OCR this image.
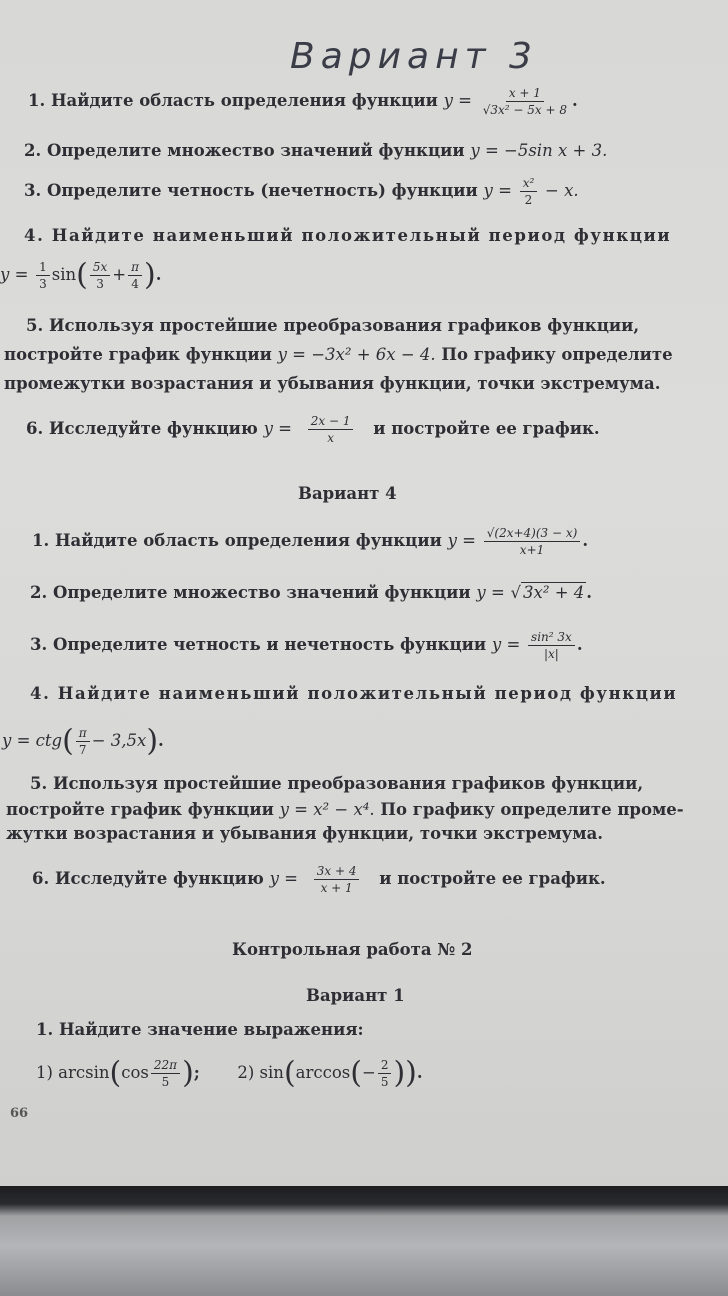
Вариант 3
1. Найдите область определения функции $y = \frac{x + 1}{\text{√3x² − 5x + 8}}$ .
2. Определите множество значений функции y = −5sin x + 3.
3. Определите четность (нечетность) функции $y = \frac{\text{x²}}{2} - x$.
4. Найдите наименьший положительный период функции
$y = \frac{1}{3} \sin( \frac{5x}{3} + \frac{\pi}{4}$ ).
5. Используя простейшие преобразования графиков функции,
постройте график функции y = −3x² + 6x − 4. По графику определите
промежутки возрастания и убывания функции, точки экстремума.
6. Исследуйте функцию $y = \frac{2x - 1}{x}$ и постройте ее график.
Вариант 4
1. Найдите область определения функции $y = \frac{√(2x+4)(3 - x)}{x+1}$ .
2. Определите множество значений функции y = √ 3x² + 4 .
3. Определите четность и нечетность функции $y = \frac{\text{sin² 3x}}{|x|}$ .
4. Найдите наименьший положительный период функции
$y = ctg( \frac{\pi}{7} - 3,5x)$.
5. Используя простейшие преобразования графиков функции,
постройте график функции y = x² − x⁴. По графику определите проме-
жутки возрастания и убывания функции, точки экстремума.
6. Исследуйте функцию $y = \frac{3x + 4}{x + 1}$ и постройте ее график.
Контрольная работа № 2
Вариант 1
1. Найдите значение выражения:
1) $\arcsin(\cos \frac{22\pi}{5}$ ); 2) $\sin(\arccos(- \frac{2}{5}$ )).
66
